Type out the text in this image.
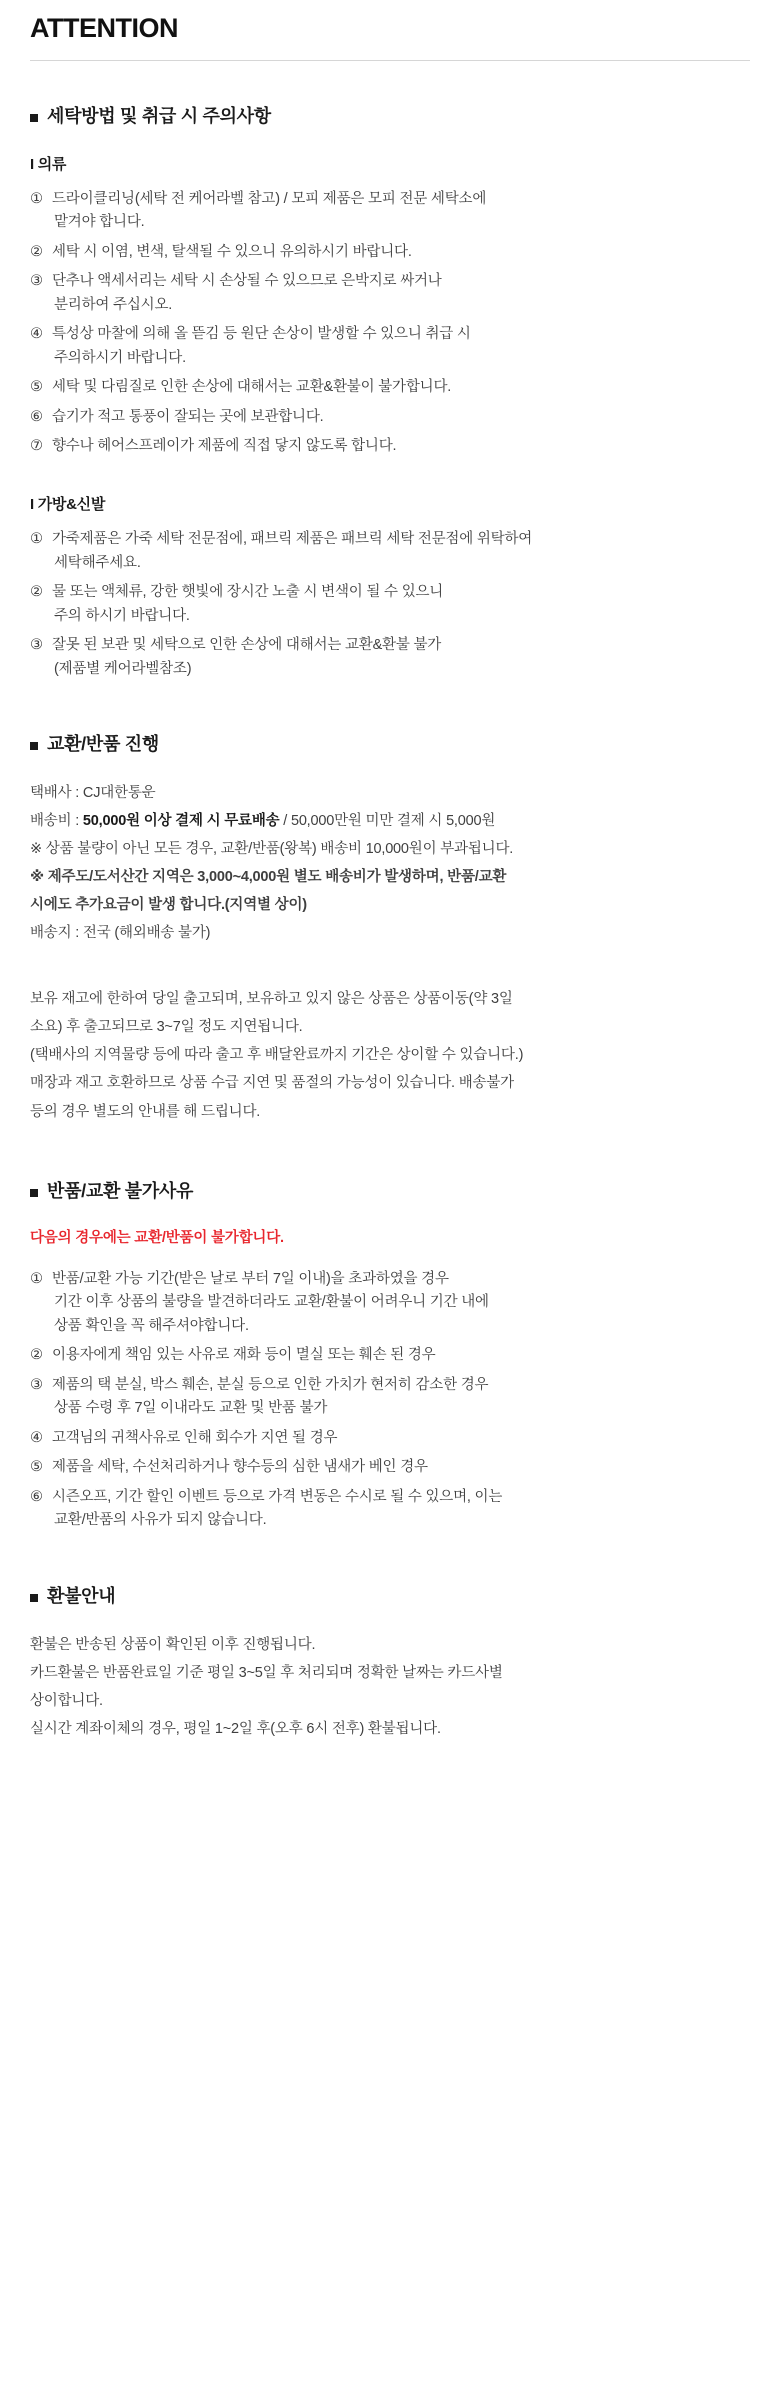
ATTENTION
세탁방법 및 취급 시 주의사항
I 의류
① 드라이클리닝(세탁 전 케어라벨 참고) / 모피 제품은 모피 전문 세탁소에
맡겨야 합니다.
② 세탁 시 이염, 변색, 탈색될 수 있으니 유의하시기 바랍니다.
③ 단추나 액세서리는 세탁 시 손상될 수 있으므로 은박지로 싸거나
분리하여 주십시오.
④ 특성상 마찰에 의해 올 뜯김 등 원단 손상이 발생할 수 있으니 취급 시
주의하시기 바랍니다.
⑤ 세탁 및 다림질로 인한 손상에 대해서는 교환&환불이 불가합니다.
⑥ 습기가 적고 통풍이 잘되는 곳에 보관합니다.
⑦ 향수나 헤어스프레이가 제품에 직접 닿지 않도록 합니다.
I 가방&신발
① 가죽제품은 가죽 세탁 전문점에, 패브릭 제품은 패브릭 세탁 전문점에 위탁하여
세탁해주세요.
② 물 또는 액체류, 강한 햇빛에 장시간 노출 시 변색이 될 수 있으니
주의 하시기 바랍니다.
③ 잘못 된 보관 및 세탁으로 인한 손상에 대해서는 교환&환불 불가
(제품별 케어라벨참조)
교환/반품 진행

택배사 : CJ대한통운

배송비 : 50,000원 이상 결제 시 무료배송 / 50,000만원 미만 결제 시 5,000원

※ 상품 불량이 아닌 모든 경우, 교환/반품(왕복) 배송비 10,000원이 부과됩니다.

※ 제주도/도서산간 지역은 3,000~4,000원 별도 배송비가 발생하며, 반품/교환

시에도 추가요금이 발생 합니다.(지역별 상이)

배송지 : 전국 (해외배송 불가)

보유 재고에 한하여 당일 출고되며, 보유하고 있지 않은 상품은 상품이동(약 3일

소요) 후 출고되므로 3~7일 정도 지연됩니다.

(택배사의 지역물량 등에 따라 출고 후 배달완료까지 기간은 상이할 수 있습니다.)

매장과 재고 호환하므로 상품 수급 지연 및 품절의 가능성이 있습니다. 배송불가

등의 경우 별도의 안내를 해 드립니다.

반품/교환 불가사유

다음의 경우에는 교환/반품이 불가합니다.

① 반품/교환 가능 기간(받은 날로 부터 7일 이내)을 초과하였을 경우
기간 이후 상품의 불량을 발견하더라도 교환/환불이 어려우니 기간 내에
상품 확인을 꼭 해주셔야합니다.
② 이용자에게 책임 있는 사유로 재화 등이 멸실 또는 훼손 된 경우
③ 제품의 택 분실, 박스 훼손, 분실 등으로 인한 가치가 현저히 감소한 경우
상품 수령 후 7일 이내라도 교환 및 반품 불가
④ 고객님의 귀책사유로 인해 회수가 지연 될 경우
⑤ 제품을 세탁, 수선처리하거나 향수등의 심한 냄새가 베인 경우
⑥ 시즌오프, 기간 할인 이벤트 등으로 가격 변동은 수시로 될 수 있으며, 이는
교환/반품의 사유가 되지 않습니다.
환불안내

환불은 반송된 상품이 확인된 이후 진행됩니다.

카드환불은 반품완료일 기준 평일 3~5일 후 처리되며 정확한 날짜는 카드사별

상이합니다.

실시간 계좌이체의 경우, 평일 1~2일 후(오후 6시 전후) 환불됩니다.
